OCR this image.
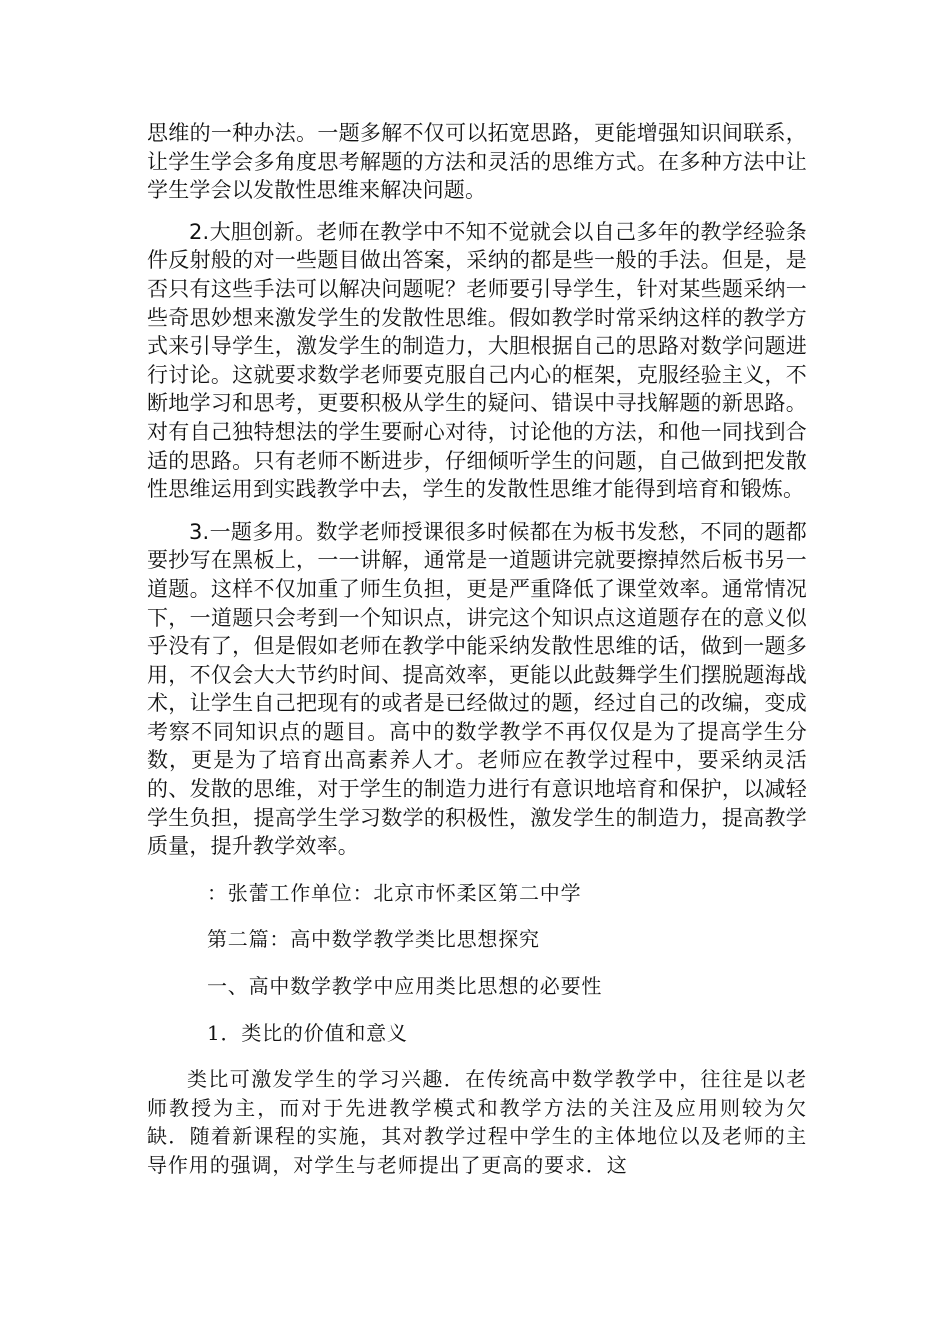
思维的一种办法。一题多解不仅可以拓宽思路，更能增强知识间联系，让学生学会多角度思考解题的方法和灵活的思维方式。在多种方法中让学生学会以发散性思维来解决问题。

2.大胆创新。老师在教学中不知不觉就会以自己多年的教学经验条件反射般的对一些题目做出答案，采纳的都是些一般的手法。但是，是否只有这些手法可以解决问题呢？老师要引导学生，针对某些题采纳一些奇思妙想来激发学生的发散性思维。假如教学时常采纳这样的教学方式来引导学生，激发学生的制造力，大胆根据自己的思路对数学问题进行讨论。这就要求数学老师要克服自己内心的框架，克服经验主义，不断地学习和思考，更要积极从学生的疑问、错误中寻找解题的新思路。对有自己独特想法的学生要耐心对待，讨论他的方法，和他一同找到合适的思路。只有老师不断进步，仔细倾听学生的问题，自己做到把发散性思维运用到实践教学中去，学生的发散性思维才能得到培育和锻炼。

3.一题多用。数学老师授课很多时候都在为板书发愁，不同的题都要抄写在黑板上，一一讲解，通常是一道题讲完就要擦掉然后板书另一道题。这样不仅加重了师生负担，更是严重降低了课堂效率。通常情况下，一道题只会考到一个知识点，讲完这个知识点这道题存在的意义似乎没有了，但是假如老师在教学中能采纳发散性思维的话，做到一题多用，不仅会大大节约时间、提高效率，更能以此鼓舞学生们摆脱题海战术，让学生自己把现有的或者是已经做过的题，经过自己的改编，变成考察不同知识点的题目。高中的数学教学不再仅仅是为了提高学生分数，更是为了培育出高素养人才。老师应在教学过程中，要采纳灵活的、发散的思维，对于学生的制造力进行有意识地培育和保护，以减轻学生负担，提高学生学习数学的积极性，激发学生的制造力，提高教学质量，提升教学效率。

：张蕾工作单位：北京市怀柔区第二中学

第二篇：高中数学教学类比思想探究

一、高中数学教学中应用类比思想的必要性

1．类比的价值和意义

类比可激发学生的学习兴趣．在传统高中数学教学中，往往是以老师教授为主，而对于先进教学模式和教学方法的关注及应用则较为欠缺．随着新课程的实施，其对教学过程中学生的主体地位以及老师的主导作用的强调，对学生与老师提出了更高的要求．这
